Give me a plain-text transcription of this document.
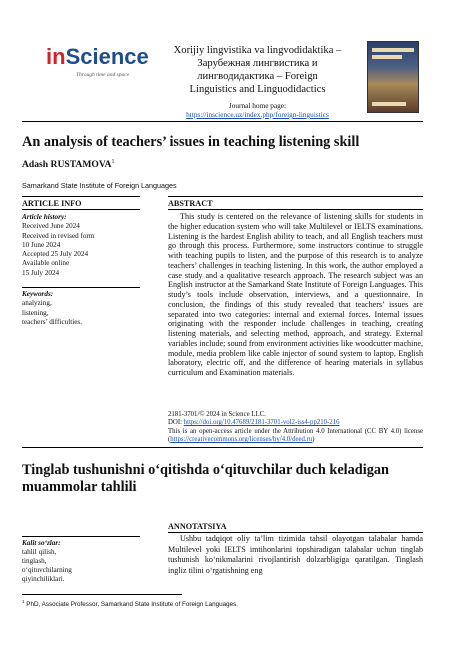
inScience
Through time and space
Xorijiy lingvistika va lingvodidaktika –
Зарубежная лингвистика и
лингводидактика – Foreign
Linguistics and Linguodidactics
Journal home page:
https://inscience.uz/index.php/foreign-linguistics
An analysis of teachers’ issues in teaching listening skill
Adash RUSTAMOVA$^1$
Samarkand State Institute of Foreign Languages
ARTICLE INFO	ABSTRACT
Article history:
Received June 2024
Received in revised form
10 June 2024
Accepted 25 July 2024
Available online
15 July 2024
Keywords:
analyzing,
listening,
teachers’ difficulties.
This study is centered on the relevance of listening skills for students in the higher education system who will take Multilevel or IELTS examinations. Listening is the hardest English ability to teach, and all English teachers must go through this process. Furthermore, some instructors continue to struggle with teaching pupils to listen, and the purpose of this research is to analyze teachers’ challenges in teaching listening. In this work, the author employed a case study and a qualitative research approach. The research subject was an English instructor at the Samarkand State Institute of Foreign Languages. This study’s tools include observation, interviews, and a questionnaire. In conclusion, the findings of this study revealed that teachers’ issues are separated into two categories: internal and external forces. Internal issues originating with the responder include challenges in teaching, creating listening materials, and selecting method, approach, and strategy. External variables include; sound from environment activities like woodcutter machine, module, media problem like cable injector of sound system to laptop, English laboratory, electric off, and the difference of hearing materials in syllabus curriculum and Examination materials.
2181-3701/© 2024 in Science LLC.
DOI: https://doi.org/10.47689/2181-3701-vol2-iss4-pp210-216
This is an open-access article under the Attribution 4.0 International (CC BY 4.0) license (https://creativecommons.org/licenses/by/4.0/deed.ru)
Tinglab tushunishni o‘qitishda o‘qituvchilar duch keladigan muammolar tahlili
ANNOTATSIYA
Ushbu tadqiqot oliy ta’lim tizimida tahsil olayotgan talabalar hamda Multilevel yoki IELTS imtihonlarini topshiradigan talabalar uchun tinglab tushunish ko‘nikmalarini rivojlantirish dolzarbligiga qaratilgan. Tinglash ingliz tilini o‘rgatishning eng
Kalit so‘zlar:
tahlil qilish,
tinglash,
o‘qituvchilarning
qiyinchiliklari.
$^1$ PhD, Associate Professor, Samarkand State Institute of Foreign Languages.
